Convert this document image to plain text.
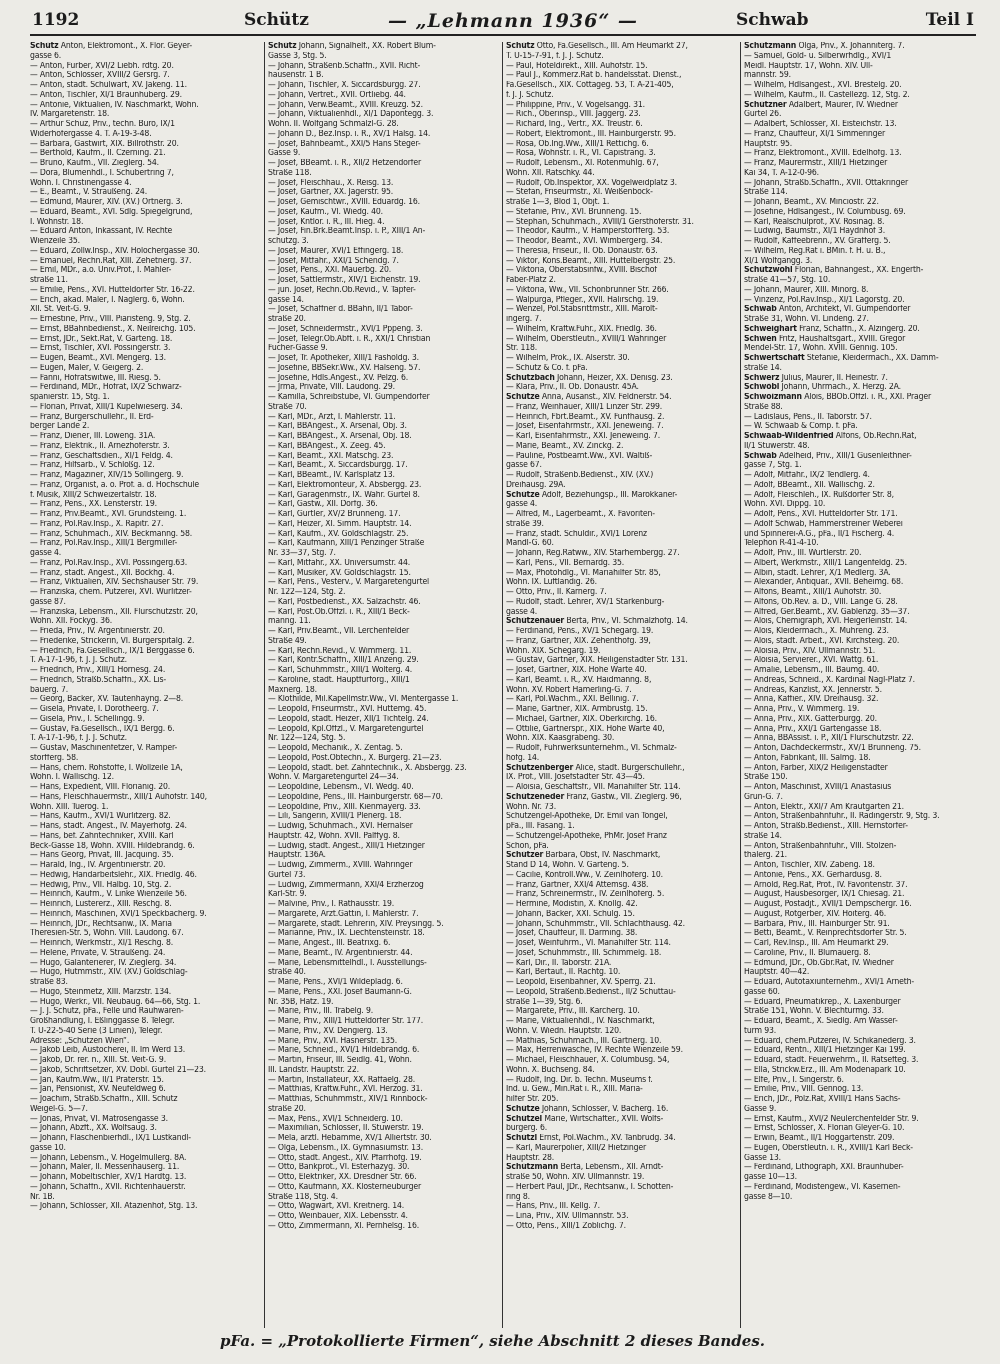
1192	Schütz	— „Lehmann 1936“ —	Schwab	Teil I
Schütz Anton, Elektromont., X. Flor. Geyer-
gasse 6.
— Anton, Fürber, XVI/2 Liebh. rdtg. 20.
— Anton, Schlosser, XVIII/2 Gersrg. 7.
— Anton, städt. Schulwart, XV. Jakeng. 11.
— Anton, Tischler, XI/1 Braunhuberg. 29.
— Antonie, Viktualien, IV. Naschmarkt, Wohn.
IV. Margaretenstr. 18.
— Arthur Schüz, Priv., techn. Büro, IX/1
Widerhofergasse 4. T. A-19-3-48.
— Barbara, Gastwirt, XIX. Billrothstr. 20.
— Berthold, Kaufm., II. Czerning. 21.
— Bruno, Kaufm., VII. Zieglerg. 54.
— Dora, Blumenhdl., I. Schubertring 7,
Wohn. I. Christinengasse 4.
— E., Beamt., V. Straußeng. 24.
— Edmund, Maurer, XIV. (XV.) Ortnerg. 3.
— Eduard, Beamt., XVI. Sdlg. Spiegelgrund,
I. Wohnstr. 18.
— Eduard Anton, Inkassant, IV. Rechte
Wienzeile 35.
— Eduard, Zollw.Insp., XIV. Holochergasse 30.
— Emanuel, Rechn.Rat, XIII. Zehetnerg. 37.
— Emil, MDr., a.o. Univ.Prof., I. Mahler-
straße 11.
— Emilie, Pens., XVI. Hütteldorfer Str. 16-22.
— Erich, akad. Maler, I. Naglerg. 6, Wohn.
XII. St. Veit-G. 9.
— Ernestine, Priv., VIII. Piaristeng. 9, Stg. 2.
— Ernst, BBahnbedienst., X. Neilreichg. 105.
— Ernst, JDr., Sekt.Rat, V. Garteng. 18.
— Ernst, Tischler, XVI. Possingerstr. 3.
— Eugen, Beamt., XVI. Mengerg. 13.
— Eugen, Maler, V. Geigerg. 2.
— Fanni, Hofratswitwe, III. Riesg. 5.
— Ferdinand, MDr., Hofrat, IX/2 Schwarz-
spanierstr. 15, Stg. 1.
— Florian, Privat, XIII/1 Kupelwieserg. 34.
— Franz, Bürgerschullehr., II. Erd-
berger Lände 2.
— Franz, Diener, III. Löweng. 31A.
— Franz, Elektrik., II. Arnezhoferstr. 3.
— Franz, Geschäftsdien., XI/1 Feldg. 4.
— Franz, Hilfsarb., V. Schloßg. 12.
— Franz, Magaziner, XIV/15 Sollingerg. 9.
— Franz, Organist, a. o. Prof. a. d. Hochschule
f. Musik, XIII/2 Schweizertalstr. 18.
— Franz, Pens., XX. Lensterstr. 19.
— Franz, Priv.Beamt., XVI. Grundsteing. 1.
— Franz, Pol.Rav.Insp., X. Rapitr. 27.
— Franz, Schuhmach., XIV. Beckmanng. 58.
— Franz, Pol.Rav.Insp., XIII/1 Bergmiller-
gasse 4.
— Franz, Pol.Rav.Insp., XVI. Possingerg.63.
— Franz, städt. Angest., XII. Böckhg. 4.
— Franz, Viktualien, XIV. Sechshauser Str. 79.
— Franziska, chem. Putzerei, XVI. Wurlitzer-
gasse 87.
— Franziska, Lebensm., XII. Flurschützstr. 20,
Wohn. XII. Fockyg. 36.
— Frieda, Priv., IV. Argentinierstr. 20.
— Friederike, Strickerin, VI. Bürgerspitalg. 2.
— Friedrich, Fa.Gesellsch., IX/1 Berggasse 6.
T. A-17-1-96, f. J. J. Schütz.
— Friedrich, Priv., XIII/1 Hörnesg. 24.
— Friedrich, Straßb.Schaffn., XX. Lis-
bauerg. 7.
— Georg, Bäcker, XV. Tautenhayng. 2—8.
— Gisela, Private, I. Dorotheerg. 7.
— Gisela, Priv., I. Schellingg. 9.
— Gustav, Fa.Gesellsch., IX/1 Bergg. 6.
T. A-17-1-96, f. J. J. Schütz.
— Gustav, Maschinenfetzer, V. Ramper-
storfferg. 58.
— Hans, chem. Rohstoffe, I. Wollzeile 1A,
Wohn. I. Wallischg. 12.
— Hans, Expedient, VIII. Florianig. 20.
— Hans, Fleischhauermstr., XIII/1 Auhofstr. 140,
Wohn. XIII. Tuerog. 1.
— Hans, Kaufm., XVI/1 Wurlitzerg. 82.
— Hans, städt. Angest., IV. Mayerhofg. 24.
— Hans, bef. Zahntechniker, XVIII. Karl
Beck-Gasse 18, Wohn. XVIII. Hildebrandg. 6.
— Hans Georg, Privat, III. Jacquing. 35.
— Harald, Ing., IV. Argentinierstr. 20.
— Hedwig, Handarbeitslehr., XIX. Friedlg. 46.
— Hedwig, Priv., VII. Halbg. 10, Stg. 2.
— Heinrich, Kaufm., V. Linke Wienzeile 56.
— Heinrich, Lustererz., XIII. Reschg. 8.
— Heinrich, Maschinen, XVI/1 Speckbacherg. 9.
— Heinrich, JDr., Rechtsanw., IX. Maria
Theresien-Str. 5, Wohn. VIII. Laudong. 67.
— Heinrich, Werkmstr., XI/1 Reschg. 8.
— Helene, Private, V. Straußeng. 24.
— Hugo, Galanterierer, IV. Zieglerg. 34.
— Hugo, Hutmmstr., XIV. (XV.) Goldschlag-
straße 83.
— Hugo, Steinmetz, XIII. Märzstr. 134.
— Hugo, Werkr., VII. Neubaug. 64—66, Stg. 1.
— J. J. Schütz, pFa., Felle und Rauhwaren-
Großhandlung, I. Eßlinggasse 8. Telegr.
T. U-22-5-40 Serie (3 Linien), Telegr.
Adresse: „Schützen Wien“.
— Jakob Leib, Austocherei, II. Im Werd 13.
— Jakob, Dr. rer. n., XIII. St. Veit-G. 9.
— Jakob, Schriftsetzer, XV. Döbl. Gürtel 21—23.
— Jan, Kaufm.Ww., II/1 Praterstr. 15.
— Jan, Pensionist, XV. Neufeldweg 6.
— Joachim, Straßb.Schaffn., XIII. Schütz
Weigel-G. 5—7.
— Jonas, Privat, VI. Matrosengasse 3.
— Johann, Abzft., XX. Wolfsaug. 3.
— Johann, Flaschenbierhdl., IX/1 Lustkandl-
gasse 10.
— Johann, Lebensm., V. Högelmüllerg. 8A.
— Johann, Maler, II. Messenhauserg. 11.
— Johann, Möbeltischler, XV/1 Hardtg. 13.
— Johann, Schaffn., XVII. Richtenhauerstr.
Nr. 1B.
— Johann, Schlosser, XII. Atazienhof, Stg. 13.
Schütz Johann, Signalhelf., XX. Robert Blum-
Gasse 3, Stg. 5.
— Johann, Straßenb.Schaffn., XVII. Richt-
hausenstr. 1 B.
— Johann, Tischler, X. Siccardsburgg. 27.
— Johann, Vertret., XVII. Ortliebg. 44.
— Johann, Verw.Beamt., XVIII. Kreuzg. 52.
— Johann, Viktualienhdl., XI/1 Dapontegg. 3.
Wohn. II. Wolfgang Schmälzl-G. 28.
— Johann D., Bez.Insp. i. R., XV/1 Halsg. 14.
— Josef, Bahnbeamt., XXI/5 Hans Steger-
Gasse 9.
— Josef, BBeamt. i. R., XII/2 Hetzendorfer
Straße 118.
— Josef, Fleischhau., X. Reisg. 13.
— Josef, Gärtner, XX. Jägerstr. 95.
— Josef, Gemischtwr., XVIII. Eduardg. 16.
— Josef, Kaufm., VI. Wiedg. 40.
— Josef, Kntlor. i. R., III. Hieg. 4.
— Josef, Fin.Brk.Beamt.Insp. i. P., XIII/1 An-
schützg. 3.
— Josef, Maurer, XVI/1 Effingerg. 18.
— Josef, Mitfahr., XXI/1 Schendg. 7.
— Josef, Pens., XXI. Mauerbg. 20.
— Josef, Sattlermstr., XIV/1 Eichenstr. 19.
— jun. Josef, Rechn.Ob.Revid., V. Tapfer-
gasse 14.
— Josef, Schaffner d. BBahn, II/1 Tabor-
straße 20.
— Josef, Schneidermstr., XVI/1 Pppeng. 3.
— Josef, Telegr.Ob.Abft. i. R., XXI/1 Christian
Fucher-Gasse 9.
— Josef, Tr. Apotheker, XIII/1 Fasholdg. 3.
— Josefine, BBSekr.Ww., XV. Halseng. 57.
— Josefine, Hdls.Angest., XV. Pelzg. 6.
— Jrma, Private, VIII. Laudong. 29.
— Kamilla, Schreibstube, VI. Gumpendorfer
Straße 70.
— Karl, MDr., Arzt, I. Mahlerstr. 11.
— Karl, BBAngest., X. Arsenal, Obj. 3.
— Karl, BBAngest., X. Arsenal, Obj. 18.
— Karl, BBAngest., X. Zeeg. 45.
— Karl, Beamt., XXI. Matschg. 23.
— Karl, Beamt., X. Siccardsburgg. 17.
— Karl, BBeamt., IV. Karlsplatz 13.
— Karl, Elektromonteur, X. Absbergg. 23.
— Karl, Garagenmstr., IX. Währ. Gürtel 8.
— Karl, Gastw., XII. Dorfg. 36.
— Karl, Gürtler, XV/2 Brunneng. 17.
— Karl, Heizer, XI. Simm. Hauptstr. 14.
— Karl, Kaufm., XV. Goldschlagstr. 25.
— Karl, Kaufmann, XIII/1 Penzinger Straße
Nr. 33—37, Stg. 7.
— Karl, Mitfahr., XX. Universumstr. 44.
— Karl, Musiker, XV. Goldschlagstr. 15.
— Karl, Pens., Vesterv., V. Margaretengürtel
Nr. 122—124, Stg. 2.
— Karl, Postbedienst., XX. Salzachstr. 46.
— Karl, Post.Ob.Offzl. i. R., XIII/1 Beck-
manng. 11.
— Karl, Priv.Beamt., VII. Lerchenfelder
Straße 49.
— Karl, Rechn.Revid., V. Wimmerg. 11.
— Karl, Kontr.Schaffn., XIII/1 Anzeng. 29.
— Karl, Schuhmmstr., XIII/1 Wolterg. 4.
— Karoline, städt. Hauptfürforg., XIII/1
Maxnerg. 18.
— Klothilde, Mil.Kapellmstr.Ww., VI. Mentergasse 1.
— Leopold, Friseurmstr., XVI. Huttemg. 45.
— Leopold, städt. Heizer, XII/1 Tichtelg. 24.
— Leopold, Kpl.Offzl., V. Margaretengürtel
Nr. 122—124, Stg. 5.
— Leopold, Mechanik., X. Zentag. 5.
— Leopold, Post.Obtechn., X. Bürgerg. 21—23.
— Leopold, städt. bef. Zahntechnik., X. Absbergg. 23.
Wohn. V. Margaretengürtel 24—34.
— Leopoldine, Lebensm., VI. Wedg. 40.
— Leopoldine, Pens., III. Hainburgerstr. 68—70.
— Leopoldine, Priv., XIII. Kienmayerg. 33.
— Lili, Sängerin, XVIII/1 Plenerg. 18.
— Ludwig, Schuhmach., XVI. Hernalser
Hauptstr. 42, Wohn. XVII. Pälffyg. 8.
— Ludwig, städt. Angest., XIII/1 Hietzinger
Hauptstr. 136A.
— Ludwig, Zimmerm., XVIII. Währinger
Gürtel 73.
— Ludwig, Zimmermann, XXI/4 Erzherzog
Karl-Str. 9.
— Malvine, Priv., I. Rathausstr. 19.
— Margarete, Arzt.Gattin, I. Mahlerstr. 7.
— Margarete, städt. Lehrerin, XIV. Preysingg. 5.
— Marianne, Priv., IX. Liechtensteinstr. 18.
— Marie, Angest., III. Beatrixg. 6.
— Marie, Beamt., IV. Argentinierstr. 44.
— Marie, Lebensmittelhdl., I. Ausstellungs-
straße 40.
— Marie, Pens., XVI/1 Wildepladg. 6.
— Marie, Pens., XXI. Josef Baumann-G.
Nr. 35B, Hatz. 19.
— Marie, Priv., III. Trabelg. 9.
— Marie, Priv., XIII/1 Hütteldorfer Str. 177.
— Marie, Priv., XV. Dengierg. 13.
— Marie, Priv., XVI. Hasnerstr. 135.
— Marie, Schneid., XVI/1 Hildebrandg. 6.
— Martin, Friseur, III. Seidlg. 41, Wohn.
III. Landstr. Hauptstr. 22.
— Martin, Installateur, XX. Raffaelg. 28.
— Matthias, Kraftw.Führ., XVI. Herzog. 31.
— Matthias, Schuhmmstr., XIV/1 Rinnböck-
straße 20.
— Max, Pens., XVI/1 Schneiderg. 10.
— Maximilian, Schlosser, II. Stuwerstr. 19.
— Mela, ärztl. Hebamme, XV/1 Alliertstr. 30.
— Olga, Lebensm., IX. Gymnasiumstr. 13.
— Otto, städt. Angest., XIV. Pfarrhofg. 19.
— Otto, Bankprot., VI. Esterhazyg. 30.
— Otto, Elektriker, XX. Dresdner Str. 66.
— Otto, Kaufmann, XX. Klosterneuburger
Straße 118, Stg. 4.
— Otto, Wagwart, XVI. Kreitnerg. 14.
— Otto, Weinbauer, XIX. Lebensstr. 4.
— Otto, Zimmermann, XI. Pernhelsg. 16.
Schütz Otto, Fa.Gesellsch., III. Am Heumarkt 27,
T. U-15-7-91, f. J. J. Schütz.
— Paul, Hoteldirekt., XIII. Auhofstr. 15.
— Paul J., Kommerz.Rat b. handelsstat. Dienst.,
Fa.Gesellsch., XIX. Cottageg. 53, T. A-21-405,
f. J. J. Schütz.
— Philippine, Priv., V. Vogelsangg. 31.
— Rich., Oberinsp., VIII. Jaggerg. 23.
— Richard, Ing., Vertr., XX. Treustr. 6.
— Robert, Elektromont., III. Hainburgerstr. 95.
— Rosa, Ob.Ing.Ww., XIII/1 Rettichg. 6.
— Rosa, Wohnstr. i. R., VI. Capistrang. 3.
— Rudolf, Lebensm., XI. Rotenmühlg. 67,
Wohn. XII. Ratschky. 44.
— Rudolf, Ob.Inspektor, XX. Vogelweidplatz 3.
— Stefan, Friseurmstr., XI. Weißenböck-
straße 1—3, Blod 1, Objt. 1.
— Stefanie, Priv., XVI. Brunneng. 15.
— Stephan, Schuhmach., XVIII/1 Gersthoferstr. 31.
— Theodor, Kaufm., V. Hamperstorfferg. 53.
— Theodor, Beamt., XVI. Wimbergerg. 34.
— Theresia, Friseur., II. Ob. Donaustr. 63.
— Viktor, Kons.Beamt., XIII. Hüttelbergstr. 25.
— Viktoria, Oberstabsinfw., XVIII. Bischof
Faber-Platz 2.
— Viktoria, Ww., VII. Schönbrunner Str. 266.
— Walpurga, Pfleger., XVII. Halirschg. 19.
— Wenzel, Pol.Stabsrittmstr., XIII. Marolt-
ingerg. 7.
— Wilhelm, Kraftw.Führ., XIX. Friedlg. 36.
— Wilhelm, Oberstleutn., XVIII/1 Währinger
Str. 118.
— Wilhelm, Prok., IX. Alserstr. 30.
— Schütz & Co. f. pFa.
Schutzbach Johann, Heizer, XX. Denisg. 23.
— Klara, Priv., II. Ob. Donaustr. 45A.
Schütze Anna, Ausanst., XIV. Feldnerstr. 54.
— Franz, Weinhauer, XIII/1 Linzer Str. 299.
— Heinrich, Fbrt.Beamt., XV. Fünfhausg. 2.
— Josef, Eisenfahrmstr., XXI. Jeneweing. 7.
— Karl, Eisenfahrmstr., XXI. Jeneweing. 7.
— Marie, Beamt., XV. Zinckg. 2.
— Pauline, Postbeamt.Ww., XVI. Waltiß-
gasse 67.
— Rudolf, Straßenb.Bedienst., XIV. (XV.)
Dreihausg. 29A.
Schütze Adolf, Beziehungsp., III. Marokkaner-
gasse 4.
— Alfred, M., Lagerbeamt., X. Favoriten-
straße 39.
— Franz, städt. Schuldir., XVI/1 Lorenz
Mandl-G. 60.
— Johann, Reg.Ratww., XIV. Starhembergg. 27.
— Karl, Pens., VII. Bernardg. 35.
— Max, Photohdlg., VI. Mariahilfer Str. 85,
Wohn. IX. Luftlandig. 26.
— Otto, Priv., II. Kärnerg. 7.
— Rudolf, städt. Lehrer, XV/1 Starkenburg-
gasse 4.
Schützenauer Berta, Priv., VI. Schmalzhofg. 14.
— Ferdinand, Pens., XV/1 Schegarg. 19.
— Franz, Gärtner, XIX. Zehenthofg. 39,
Wohn. XIX. Schegarg. 19.
— Gustav, Gärtner, XIX. Heiligenstädter Str. 131.
— Josef, Gärtner, XIX. Hohe Warte 40.
— Karl, Beamt. i. R., XV. Haidmanng. 8,
Wohn. XV. Robert Hamerling-G. 7.
— Karl, Pol.Wachm., XXI. Bellinig. 7.
— Marie, Gärtner, XIX. Armbrustg. 15.
— Michael, Gärtner, XIX. Oberkirchg. 16.
— Ottilie, Gärtnerspr., XIX. Hohe Warte 40,
Wohn. XIX. Kaasgrabeng. 30.
— Rudolf, Fuhrwerksunternehm., VI. Schmalz-
hofg. 14.
Schützenberger Alice, städt. Bürgerschullehr.,
IX. Prof., VIII. Josefstädter Str. 43—45.
— Aloisia, Geschäftsfr., VII. Mariahilfer Str. 114.
Schützeneder Franz, Gastw., VII. Zieglerg. 96,
Wohn. Nr. 73.
Schutzengel-Apotheke, Dr. Emil van Tongel,
pFa., III. Fasang. 1.
— Schutzengel-Apotheke, PhMr. Josef Franz
Schön, pFa.
Schützer Barbara, Obst, IV. Naschmarkt,
Stand D 14, Wohn. V. Garteng. 5.
— Cäcilie, Kontroll.Ww., V. Zeinlhoferg. 10.
— Franz, Gärtner, XXI/4 Attemsg. 438.
— Franz, Schreinermstr., IV. Zeinlhoferg. 5.
— Hermine, Modistin, X. Knöllg. 42.
— Johann, Bäcker, XXI. Schulg. 15.
— Johann, Schuhmmstr., VII. Schlachthausg. 42.
— Josef, Chauffeur, II. Darming. 38.
— Josef, Weinfuhrm., VI. Mariahilfer Str. 114.
— Josef, Schuhmmstr., III. Schimmelg. 18.
— Karl, Dir., II. Taborstr. 21A.
— Karl, Bertauf., II. Rächtg. 10.
— Leopold, Eisenbahner, XV. Sperrg. 21.
— Leopold, Straßenb.Bedienst., II/2 Schüttau-
straße 1—39, Stg. 6.
— Margarete, Priv., III. Kärcherg. 10.
— Marie, Viktualienhdl., IV. Naschmarkt,
Wohn. V. Wiedn. Hauptstr. 120.
— Mathias, Schuhmach., III. Gärtnerg. 10.
— Max, Herrenwäsche, IV. Rechte Wienzeile 59.
— Michael, Fleischhauer, X. Columbusg. 54,
Wohn. X. Buchseng. 84.
— Rudolf, Ing. Dir. b. Techn. Museums f.
Ind. u. Gew., Min.Rat i. R., XIII. Maria-
hilfer Str. 205.
Schütze Johann, Schlosser, V. Bacherg. 16.
Schützel Marie, Wirtschafter., XVII. Wolfs-
burgerg. 6.
Schützl Ernst, Pol.Wachm., XV. Tanbrudg. 34.
— Karl, Maurerpolier, XIII/2 Hietzinger
Hauptstr. 28.
Schützmann Berta, Lebensm., XII. Arndt-
straße 50, Wohn. XIV. Ullmannstr. 19.
— Herbert Paul, JDr., Rechtsanw., I. Schotten-
ring 8.
— Hans, Priv., III. Kellg. 7.
— Lina, Priv., XIV. Ullmannstr. 53.
— Otto, Pens., XIII/1 Zöblichg. 7.
Schützmann Olga, Priv., X. Johanniterg. 7.
— Samuel, Gold- u. Silberwrhdlg., XVI/1
Meidl. Hauptstr. 17, Wohn. XIV. Ull-
mannstr. 59.
— Wilhelm, Hdlsangest., XVI. Brestelg. 20.
— Wilhelm, Kaufm., II. Castellezg. 12, Stg. 2.
Schützner Adalbert, Maurer, IV. Wiedner
Gürtel 26.
— Adalbert, Schlosser, XI. Eisteichstr. 13.
— Franz, Chauffeur, XI/1 Simmeringer
Hauptstr. 95.
— Franz, Elektromont., XVIII. Edelhofg. 13.
— Franz, Maurermstr., XIII/1 Hietzinger
Kai 34, T. A-12-0-96.
— Johann, Straßb.Schaffn., XVII. Ottakringer
Straße 114.
— Johann, Beamt., XV. Minciostr. 22.
— Josefine, Hdlsangest., IV. Columbusg. 69.
— Karl, Realschulprof., XV. Rosinag. 8.
— Ludwig, Baumstr., XI/1 Haydnhof 3.
— Rudolf, Kaffeebrenn., XV. Gräfferg. 5.
— Wilhelm, Reg.Rat i. BMin. f. H. u. B.,
XI/1 Wolfgangg. 3.
Schützwohl Florian, Bahnangest., XX. Engerth-
straße 41—57, Stg. 10.
— Johann, Maurer, XIII. Minorg. 8.
— Vinzenz, Pol.Rav.Insp., XI/1 Lagorstg. 20.
Schwab Anton, Architekt, VI. Gumpendorfer
Straße 31, Wohn. VI. Lindeng. 27.
Schweighart Franz, Schaffn., X. Alzingerg. 20.
Schwen Fritz, Haushaltsgart., XVIII. Gregor
Mendel-Str. 17, Wohn. XVIII. Gennig. 105.
Schwertschaft Stefanie, Kleidermach., XX. Damm-
straße 14.
Schwerz Julius, Maurer, II. Heinestr. 7.
Schwöbl Johann, Uhrmach., X. Herzg. 2A.
Schwoizmann Alois, BBOb.Offzl. i. R., XXI. Prager
Straße 88.
— Ladislaus, Pens., II. Taborstr. 57.
— W. Schwaab & Comp. f. pFa.
Schwaab-Wildenfried Alfons, Ob.Rechn.Rat,
II/1 Stuwerstr. 48.
Schwab Adelheid, Priv., XIII/1 Gusenleithner-
gasse 7, Stg. 1.
— Adolf, Mitfahr., IX/2 Tendlerg. 4.
— Adolf, BBeamt., XII. Wällischg. 2.
— Adolf, Fleischleh., IX. Rußdorfer Str. 8,
Wohn. XVI. Dippg. 10.
— Adolf, Pens., XVI. Hütteldorfer Str. 171.
— Adolf Schwab, Hammerstreiner Weberei
und Spinnerei-A.G., pFa., II/1 Fischerg. 4.
Telephon R-41-4-10.
— Adolf, Priv., III. Würtlerstr. 20.
— Albert, Werkmstr., XIII/1 Längenfeldg. 25.
— Albin, städt. Lehrer, X/1 Medlerg. 3A.
— Alexander, Antiquar., XVII. Beheimg. 68.
— Alfons, Beamt., XIII/1 Auhofstr. 30.
— Alfons, Ob.Rev. a. D., VIII. Lange G. 28.
— Alfred, Ger.Beamt., XV. Gablenzg. 35—37.
— Alois, Chemigraph, XVI. Heigerleinstr. 14.
— Alois, Kleidermach., X. Muhreng. 23.
— Alois, städt. Arbeit., XVI. Kirchsteig. 20.
— Aloisia, Priv., XIV. Ullmannstr. 51.
— Aloisia, Servierer., XVI. Wattg. 61.
— Amalie, Lebensm., III. Baumg. 40.
— Andreas, Schneid., X. Kardinal Nagl-Platz 7.
— Andreas, Kanzlist, XX. Jennerstr. 5.
— Anna, Kaffier., XIV. Dreihausg. 32.
— Anna, Priv., V. Wimmerg. 19.
— Anna, Priv., XIX. Gatterburgg. 20.
— Anna, Priv., XXI/1 Gartengasse 18.
— Anna, BBAssist. i. P., XII/1 Flurschützstr. 22.
— Anton, Dachdeckermstr., XV/1 Brunneng. 75.
— Anton, Fabrikant, III. Salmg. 18.
— Anton, Färber, XIX/2 Heiligenstädter
Straße 150.
— Anton, Maschinist, XVIII/1 Anastasius
Grün-G. 7.
— Anton, Elektr., XXI/7 Am Krautgarten 21.
— Anton, Straßenbahnführ., II. Radingerstr. 9, Stg. 3.
— Anton, Straßb.Bedienst., XIII. Hernstorfer-
straße 14.
— Anton, Straßenbahnführ., VIII. Stolzen-
thalerg. 21.
— Anton, Tischler, XIV. Zabeng. 18.
— Antonie, Pens., XX. Gerhardusg. 8.
— Arnold, Reg.Rat, Prof., IV. Favoritenstr. 37.
— August, Hausbesorger, IX/1 Chiesag. 21.
— August, Postadjt., XVII/1 Dempschergr. 16.
— August, Rotgerber, XIV. Hoiterg. 46.
— Barbara, Priv., III. Hainburger Str. 91.
— Betti, Beamt., V. Reinprechtsdorfer Str. 5.
— Carl, Rev.Insp., III. Am Heumarkt 29.
— Caroline, Priv., II. Blumauerg. 8.
— Edmund, JDr., Ob.Gbr.Rat, IV. Wiedner
Hauptstr. 40—42.
— Eduard, Autotaxiunternehm., XVI/1 Arneth-
gasse 60.
— Eduard, Pneumatikrep., X. Laxenburger
Straße 151, Wohn. V. Blechturmg. 33.
— Eduard, Beamt., X. Siedlg. Am Wasser-
turm 93.
— Eduard, chem.Putzerei, IV. Schikanederg. 3.
— Eduard, Rentn., XIII/1 Hietzinger Kai 199.
— Eduard, städt. Feuerwehrm., II. Ratsefteg. 3.
— Ella, Strickw.Erz., III. Am Modenapark 10.
— Elfe, Priv., I. Singerstr. 6.
— Emilie, Priv., VIII. Gennog. 13.
— Erich, JDr., Polz.Rat, XVIII/1 Hans Sachs-
Gasse 9.
— Ernst, Kaufm., XVI/2 Neulerchenfelder Str. 9.
— Ernst, Schlosser, X. Florian Gleyer-G. 10.
— Erwin, Beamt., II/1 Hoggartenstr. 209.
— Eugen, Oberstleutn. i. R., XVIII/1 Karl Beck-
Gasse 13.
— Ferdinand, Lithograph, XXI. Braunhuber-
gasse 10—13.
— Ferdinand, Modistengew., VI. Kasernen-
gasse 8—10.
pFa. = „Protokollierte Firmen“, siehe Abschnitt 2 dieses Bandes.
